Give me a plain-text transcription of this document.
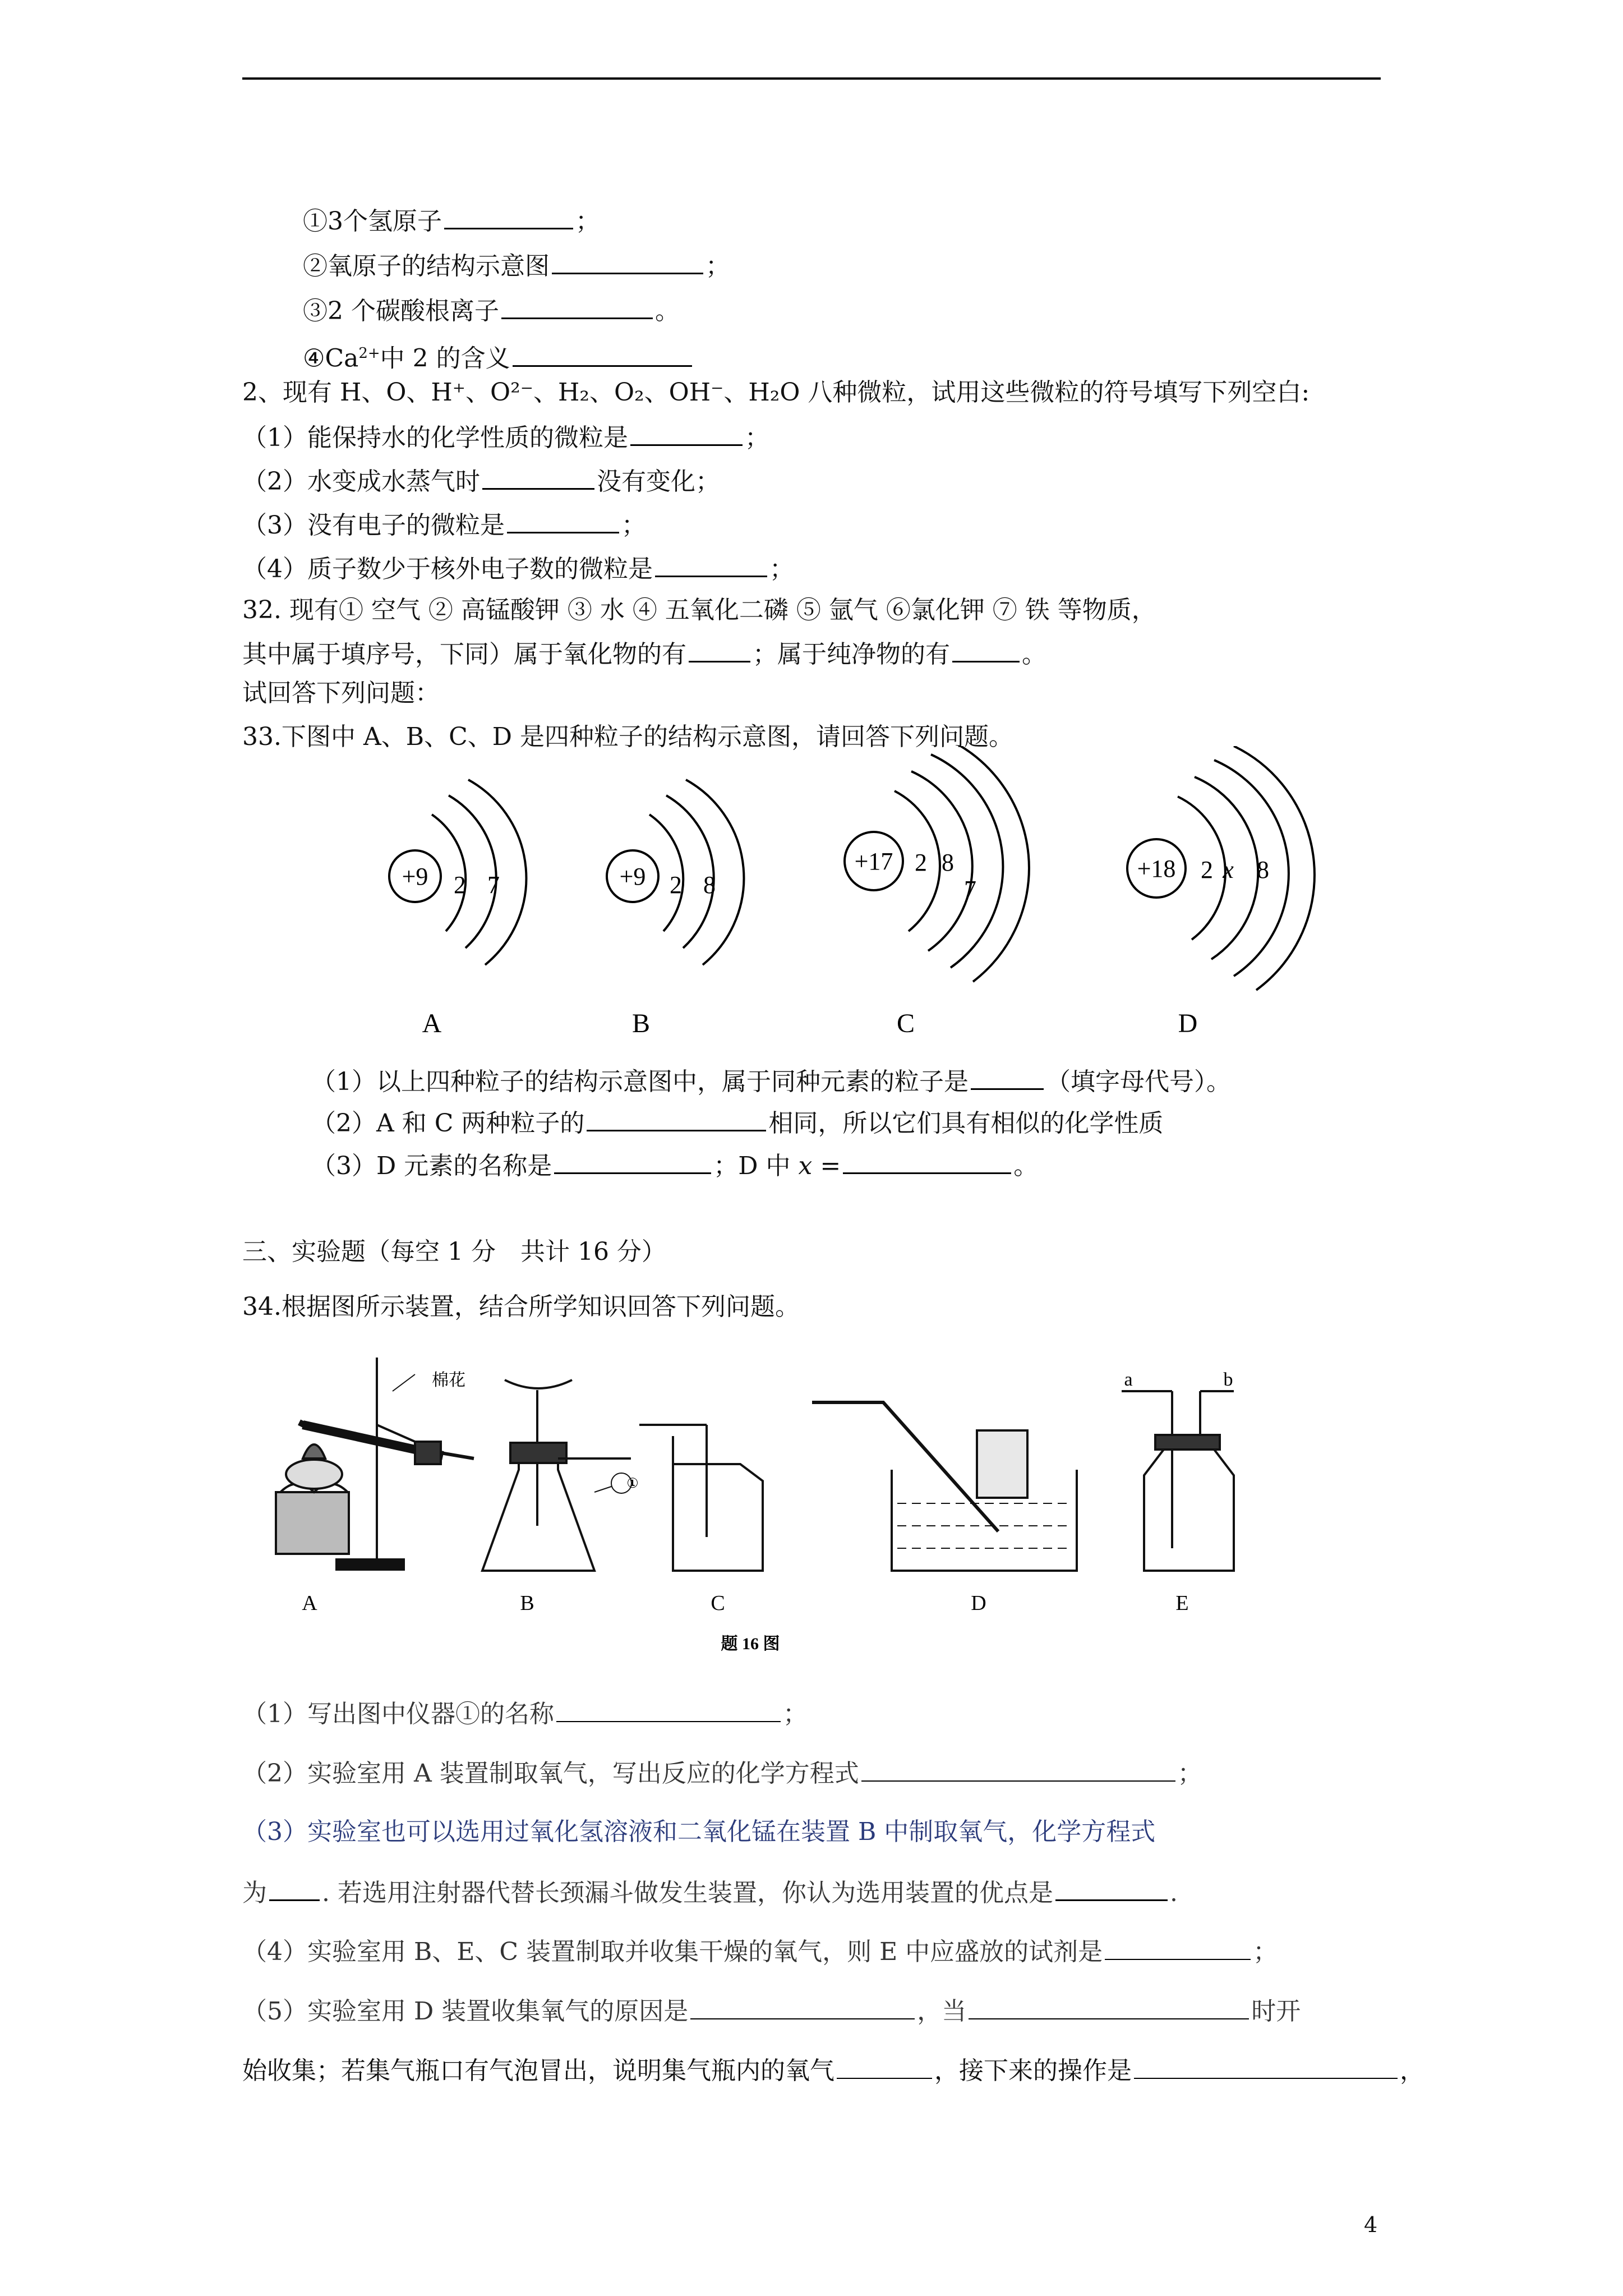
①3个氢原子	；
②氧原子的结构示意图	；
③2 个碳酸根离子	。
$④Ca^{2+}$中 2 的含义
2、现有 H、O、H⁺、O²⁻、H₂、O₂、OH⁻、H₂O 八种微粒，试用这些微粒的符号填写下列空白:
（1）能保持水的化学性质的微粒是	；
（2）水变成水蒸气时	没有变化；
（3）没有电子的微粒是	；
（4）质子数少于核外电子数的微粒是	；
32. 现有① 空气 ② 高锰酸钾 ③ 水 ④ 五氧化二磷 ⑤ 氩气 ⑥氯化钾 ⑦ 铁 等物质，
其中属于填序号，下同）属于氧化物的有	；属于纯净物的有	。
试回答下列问题：
33.下图中 A、B、C、D 是四种粒子的结构示意图，请回答下列问题。
+9 2 7
A
+9 2 8
B
+17 2 8
7
C
+18 2 x 8
D
（1）以上四种粒子的结构示意图中，属于同种元素的粒子是	（填字母代号）。
（2）A 和 C 两种粒子的	相同，所以它们具有相似的化学性质
（3）D 元素的名称是	；D 中 x =	。
三、实验题（每空 1 分　共计 16 分）
34.根据图所示装置，结合所学知识回答下列问题。
棉花
①
a	b
A	B	C	D	E
题 16 图
（1）写出图中仪器①的名称	；
（2）实验室用 A 装置制取氧气，写出反应的化学方程式	；
（3）实验室也可以选用过氧化氢溶液和二氧化锰在装置 B 中制取氧气，化学方程式
为 . 若选用注射器代替长颈漏斗做发生装置，你认为选用装置的优点是	.
（4）实验室用 B、E、C 装置制取并收集干燥的氧气，则 E 中应盛放的试剂是	；
（5）实验室用 D 装置收集氧气的原因是	，当	时开
始收集；若集气瓶口有气泡冒出，说明集气瓶内的氧气	，接下来的操作是	，
4
